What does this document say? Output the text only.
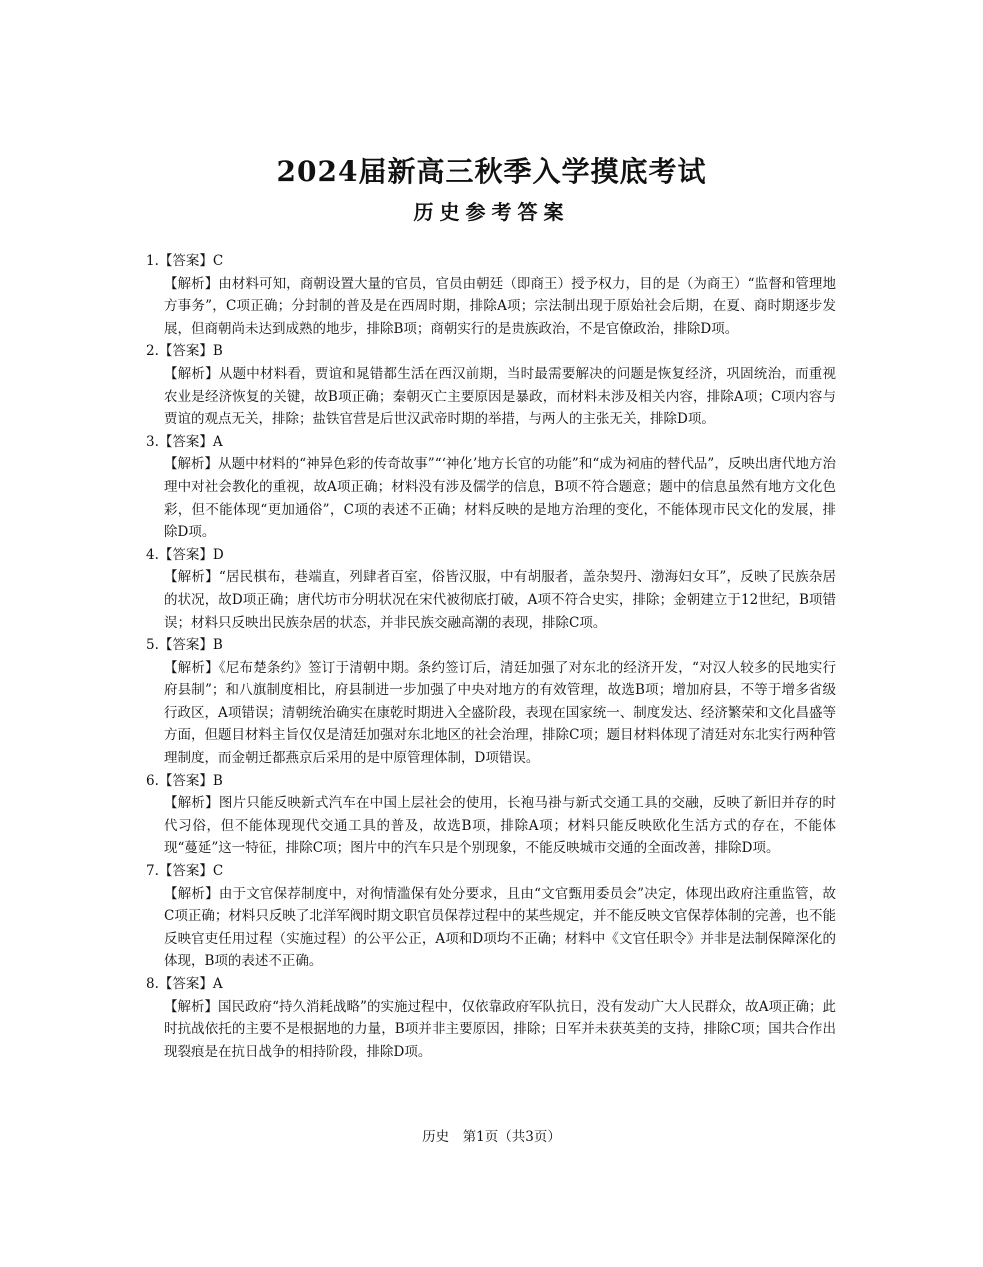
2024届新高三秋季入学摸底考试
历史参考答案
1.【答案】C
【解析】由材料可知，商朝设置大量的官员，官员由朝廷（即商王）授予权力，目的是（为商王）“监督和管理地方事务”，C项正确；分封制的普及是在西周时期，排除A项；宗法制出现于原始社会后期，在夏、商时期逐步发展，但商朝尚未达到成熟的地步，排除B项；商朝实行的是贵族政治，不是官僚政治，排除D项。
2.【答案】B
【解析】从题中材料看，贾谊和晁错都生活在西汉前期，当时最需要解决的问题是恢复经济，巩固统治，而重视农业是经济恢复的关键，故B项正确；秦朝灭亡主要原因是暴政，而材料未涉及相关内容，排除A项；C项内容与贾谊的观点无关，排除；盐铁官营是后世汉武帝时期的举措，与两人的主张无关，排除D项。
3.【答案】A
【解析】从题中材料的“神异色彩的传奇故事”“‘神化’地方长官的功能”和“成为祠庙的替代品”，反映出唐代地方治理中对社会教化的重视，故A项正确；材料没有涉及儒学的信息，B项不符合题意；题中的信息虽然有地方文化色彩，但不能体现“更加通俗”，C项的表述不正确；材料反映的是地方治理的变化，不能体现市民文化的发展，排除D项。
4.【答案】D
【解析】“居民棋布，巷端直，列肆者百室，俗皆汉服，中有胡服者，盖杂契丹、渤海妇女耳”，反映了民族杂居的状况，故D项正确；唐代坊市分明状况在宋代被彻底打破，A项不符合史实，排除；金朝建立于12世纪，B项错误；材料只反映出民族杂居的状态，并非民族交融高潮的表现，排除C项。
5.【答案】B
【解析】《尼布楚条约》签订于清朝中期。条约签订后，清廷加强了对东北的经济开发，“对汉人较多的民地实行府县制”；和八旗制度相比，府县制进一步加强了中央对地方的有效管理，故选B项；增加府县，不等于增多省级行政区，A项错误；清朝统治确实在康乾时期进入全盛阶段，表现在国家统一、制度发达、经济繁荣和文化昌盛等方面，但题目材料主旨仅仅是清廷加强对东北地区的社会治理，排除C项；题目材料体现了清廷对东北实行两种管理制度，而金朝迁都燕京后采用的是中原管理体制，D项错误。
6.【答案】B
【解析】图片只能反映新式汽车在中国上层社会的使用，长袍马褂与新式交通工具的交融，反映了新旧并存的时代习俗，但不能体现现代交通工具的普及，故选B项，排除A项；材料只能反映欧化生活方式的存在，不能体现“蔓延”这一特征，排除C项；图片中的汽车只是个别现象，不能反映城市交通的全面改善，排除D项。
7.【答案】C
【解析】由于文官保荐制度中，对徇情滥保有处分要求，且由“文官甄用委员会”决定，体现出政府注重监管，故C项正确；材料只反映了北洋军阀时期文职官员保荐过程中的某些规定，并不能反映文官保荐体制的完善，也不能反映官吏任用过程（实施过程）的公平公正，A项和D项均不正确；材料中《文官任职令》并非是法制保障深化的体现，B项的表述不正确。
8.【答案】A
【解析】国民政府“持久消耗战略”的实施过程中，仅依靠政府军队抗日，没有发动广大人民群众，故A项正确；此时抗战依托的主要不是根据地的力量，B项并非主要原因，排除；日军并未获英美的支持，排除C项；国共合作出现裂痕是在抗日战争的相持阶段，排除D项。
历史　第1页（共3页）
